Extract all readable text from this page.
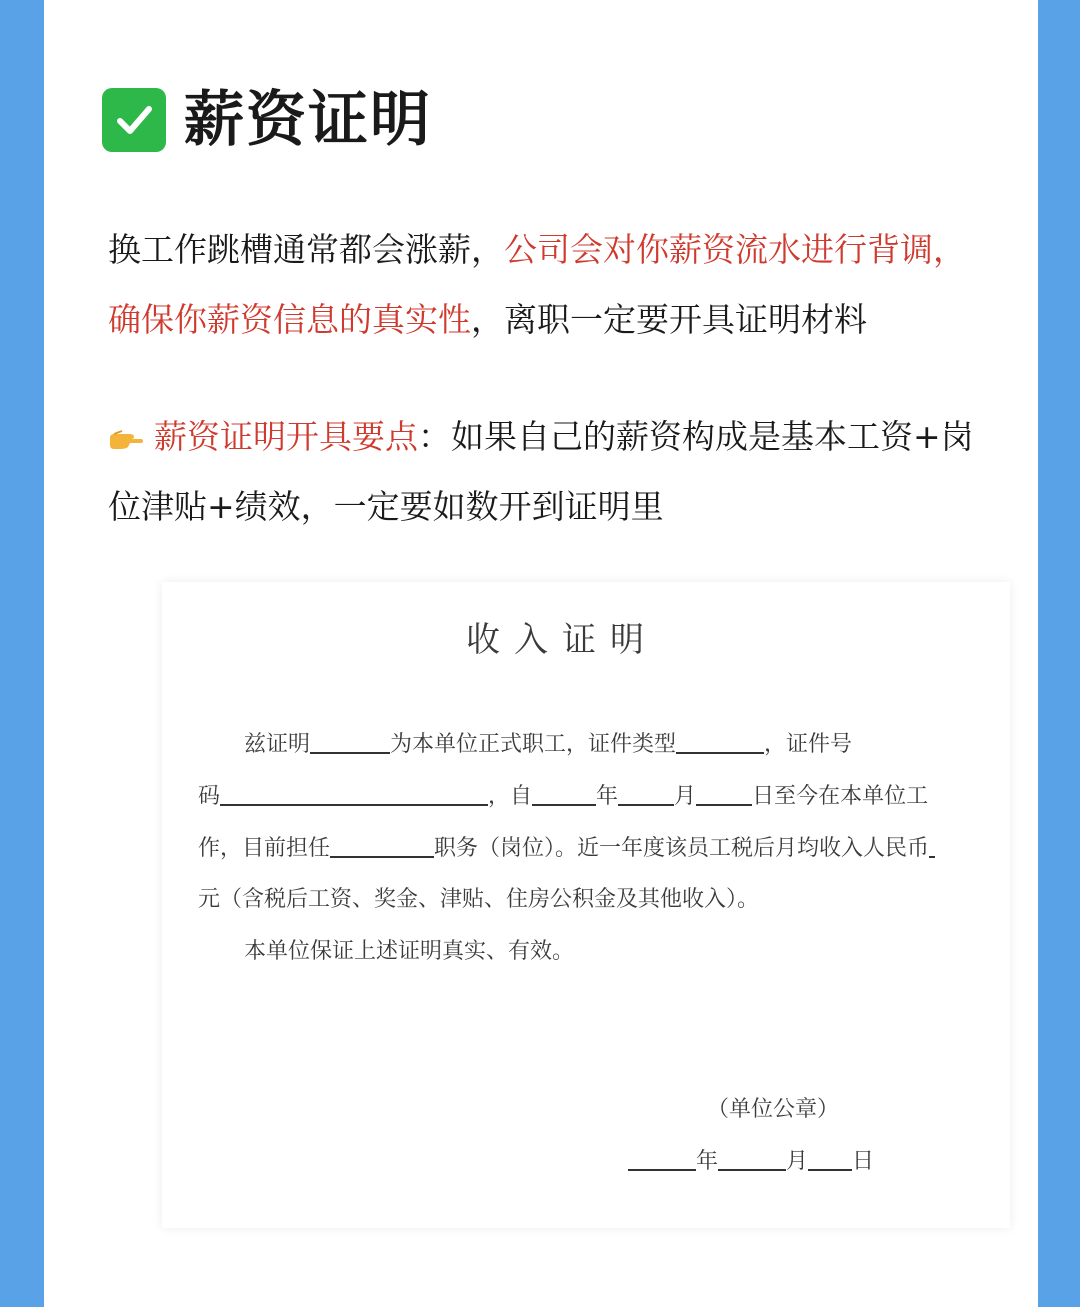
薪资证明
换工作跳槽通常都会涨薪，公司会对你薪资流水进行背调，确保你薪资信息的真实性，离职一定要开具证明材料
薪资证明开具要点：如果自己的薪资构成是基本工资+岗位津贴+绩效，一定要如数开到证明里
收入证明
兹证明	为本单位正式职工，证件类型	，证件号
码	，自	年	月	日至今在本单位工
作，目前担任	职务（岗位）。近一年度该员工税后月均收入人民币
元（含税后工资、奖金、津贴、住房公积金及其他收入）。
本单位保证上述证明真实、有效。
（单位公章）
年	月 日
